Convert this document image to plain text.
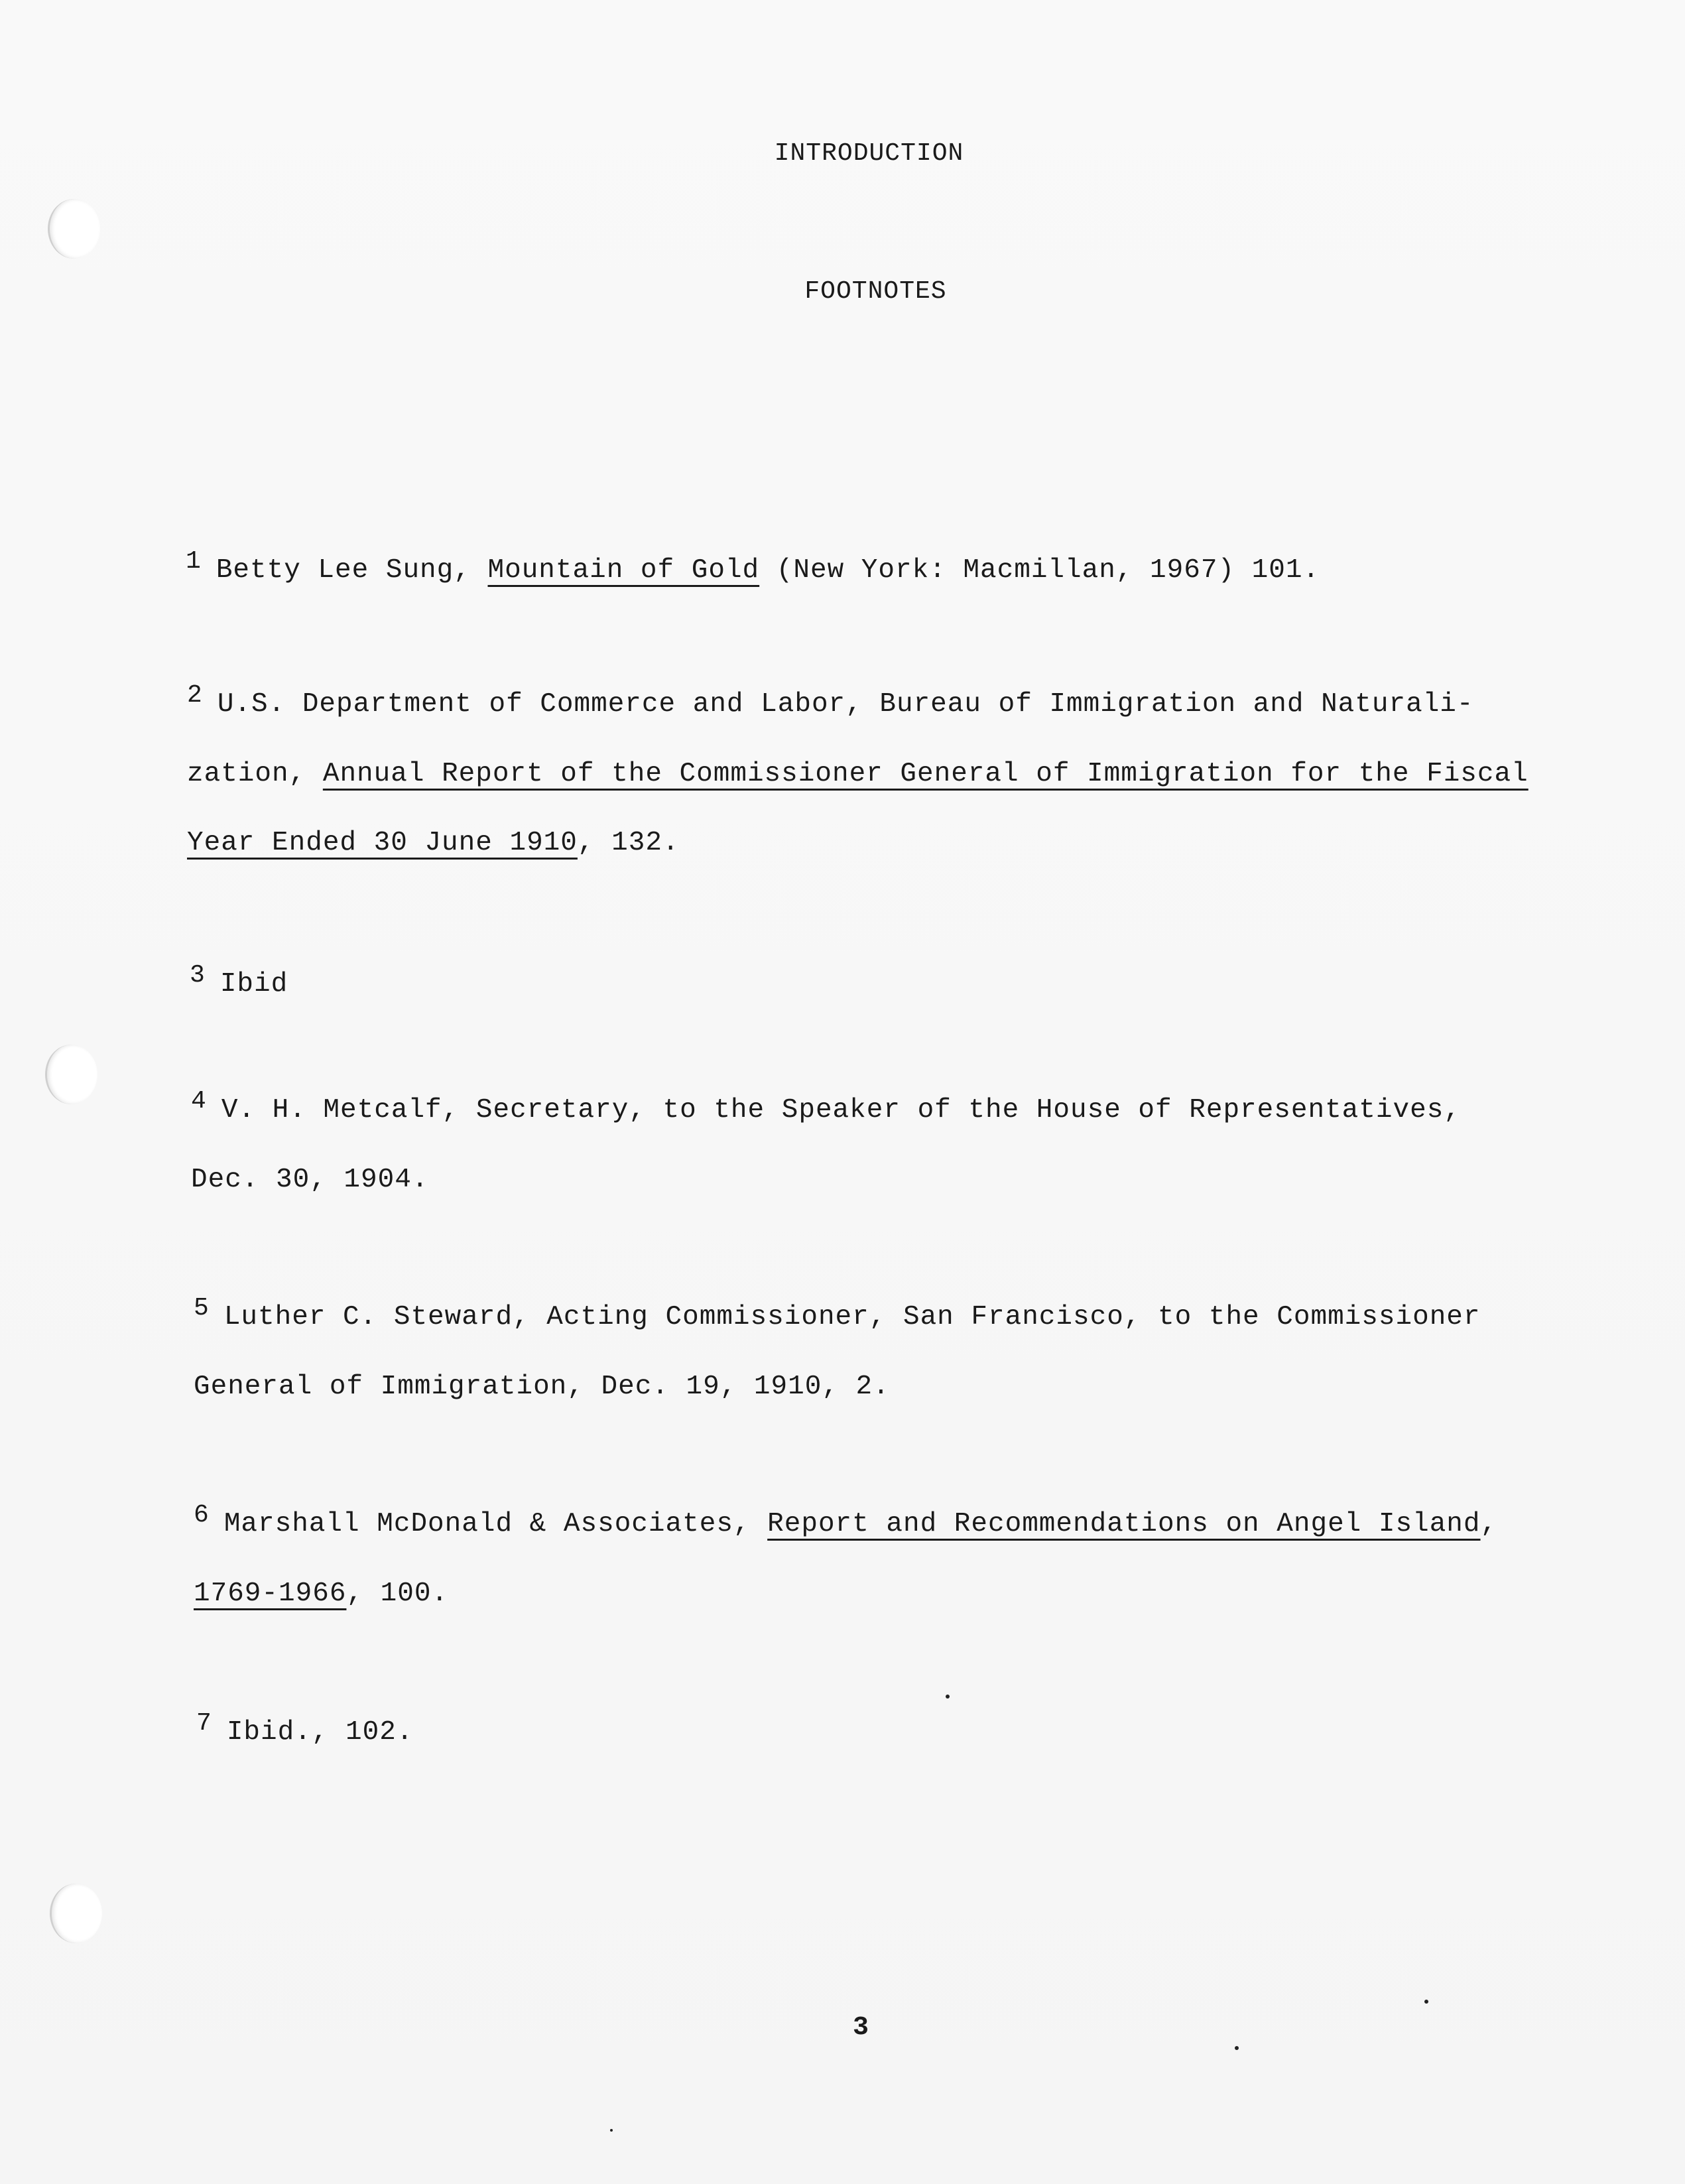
INTRODUCTION
FOOTNOTES
1 Betty Lee Sung, Mountain of Gold (New York: Macmillan, 1967) 101.
2 U.S. Department of Commerce and Labor, Bureau of Immigration and Naturali-
zation, Annual Report of the Commissioner General of Immigration for the Fiscal
Year Ended 30 June 1910, 132.
3 Ibid
4 V. H. Metcalf, Secretary, to the Speaker of the House of Representatives,
Dec. 30, 1904.
5 Luther C. Steward, Acting Commissioner, San Francisco, to the Commissioner
General of Immigration, Dec. 19, 1910, 2.
6 Marshall McDonald & Associates, Report and Recommendations on Angel Island,
1769-1966, 100.
7 Ibid., 102.
3
